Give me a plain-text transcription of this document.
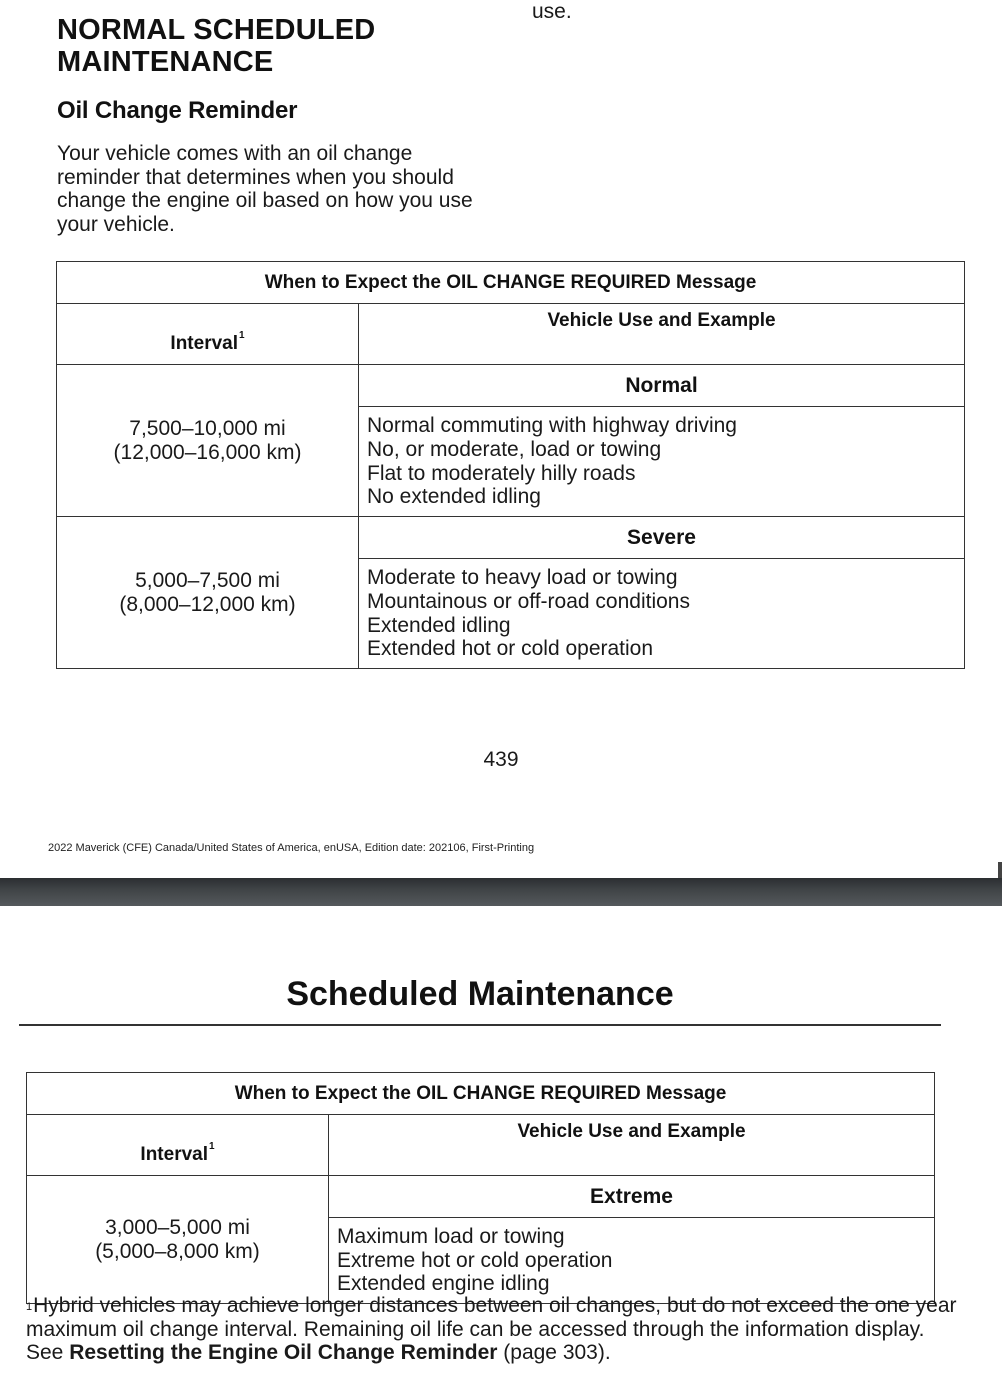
use.
NORMAL SCHEDULED MAINTENANCE
Oil Change Reminder
Your vehicle comes with an oil change reminder that determines when you should change the engine oil based on how you use your vehicle.
When to Expect the OIL CHANGE REQUIRED Message	
Interval$^1$	Vehicle Use and Example

7,500–10,000 mi
(12,000–16,000 km)	Normal

	Normal commuting with highway driving
No, or moderate, load or towing
Flat to moderately hilly roads
No extended idling

5,000–7,500 mi
(8,000–12,000 km)	Severe

	Moderate to heavy load or towing
Mountainous or off-road conditions
Extended idling
Extended hot or cold operation
439
2022 Maverick (CFE) Canada/United States of America, enUSA, Edition date: 202106, First-Printing
Scheduled Maintenance
When to Expect the OIL CHANGE REQUIRED Message	
Interval$^1$	Vehicle Use and Example

3,000–5,000 mi
(5,000–8,000 km)	Extreme

	Maximum load or towing
Extreme hot or cold operation
Extended engine idling
$^1$Hybrid vehicles may achieve longer distances between oil changes, but do not exceed the one year maximum oil change interval. Remaining oil life can be accessed through the information display. See Resetting the Engine Oil Change Reminder (page 303).
